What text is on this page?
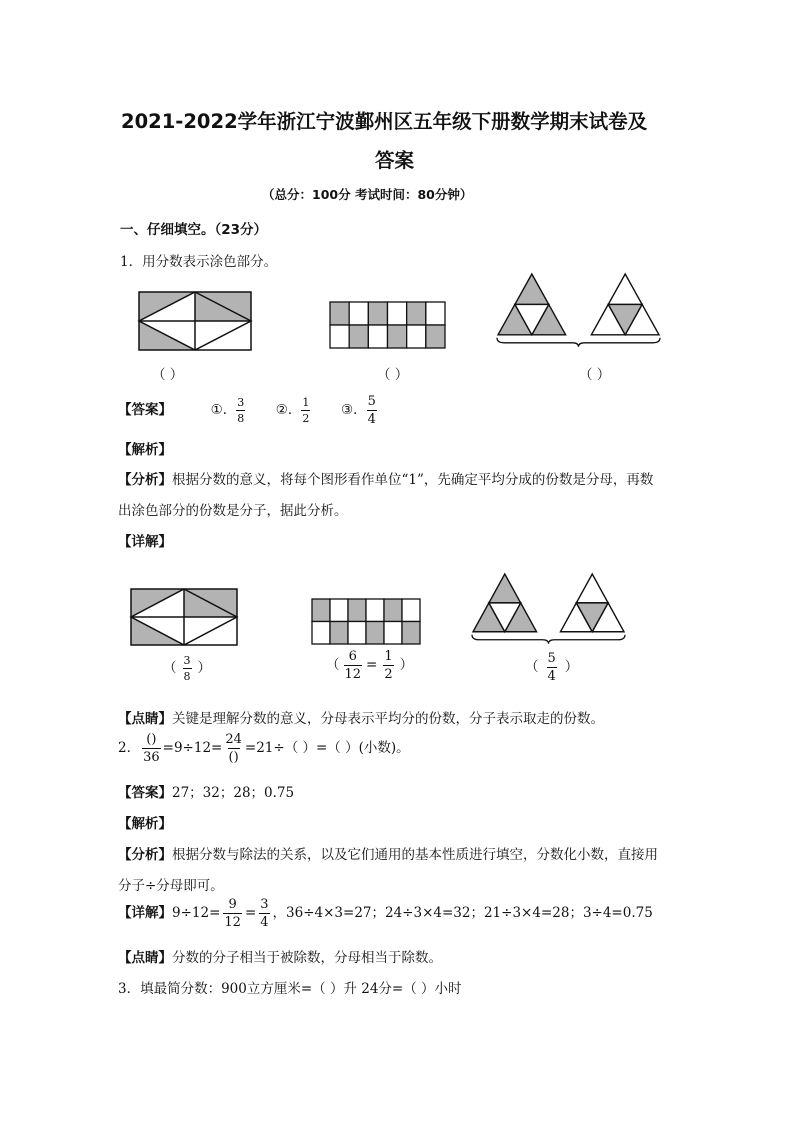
2021-2022学年浙江宁波鄞州区五年级下册数学期末试卷及
答案
（总分：100分 考试时间：80分钟）
一、仔细填空。（23分）
1．用分数表示涂色部分。
（ ）	（ ）	（ ）
【答案】	①． $\frac{3}{8}$ ②． $\frac{1}{2}$ ③． $\frac{5}{4}$
【解析】
【分析】根据分数的意义，将每个图形看作单位“1”，先确定平均分成的份数是分母，再数
出涂色部分的份数是分子，据此分析。
【详解】
（ $\frac{3}{8}$ ）	（ $\frac{6}{12} = \frac{1}{2}$ ）	（ $\frac{5}{4}$ ）
【点睛】关键是理解分数的意义，分母表示平均分的份数，分子表示取走的份数。
2． $\frac{()}{36} =9\div 12= \frac{24}{()} =21\div$（ ）=（ ）(小数)。
【答案】27；32；28；0.75
【解析】
【分析】根据分数与除法的关系，以及它们通用的基本性质进行填空，分数化小数，直接用
分子÷分母即可。
【详解】$9\div 12= \frac{9}{12} = \frac{3}{4}$ ，36÷4×3=27；24÷3×4=32；21÷3×4=28；3÷4=0.75
【点睛】分数的分子相当于被除数，分母相当于除数。
3．填最简分数：900立方厘米=（ ）升 24分=（ ）小时
